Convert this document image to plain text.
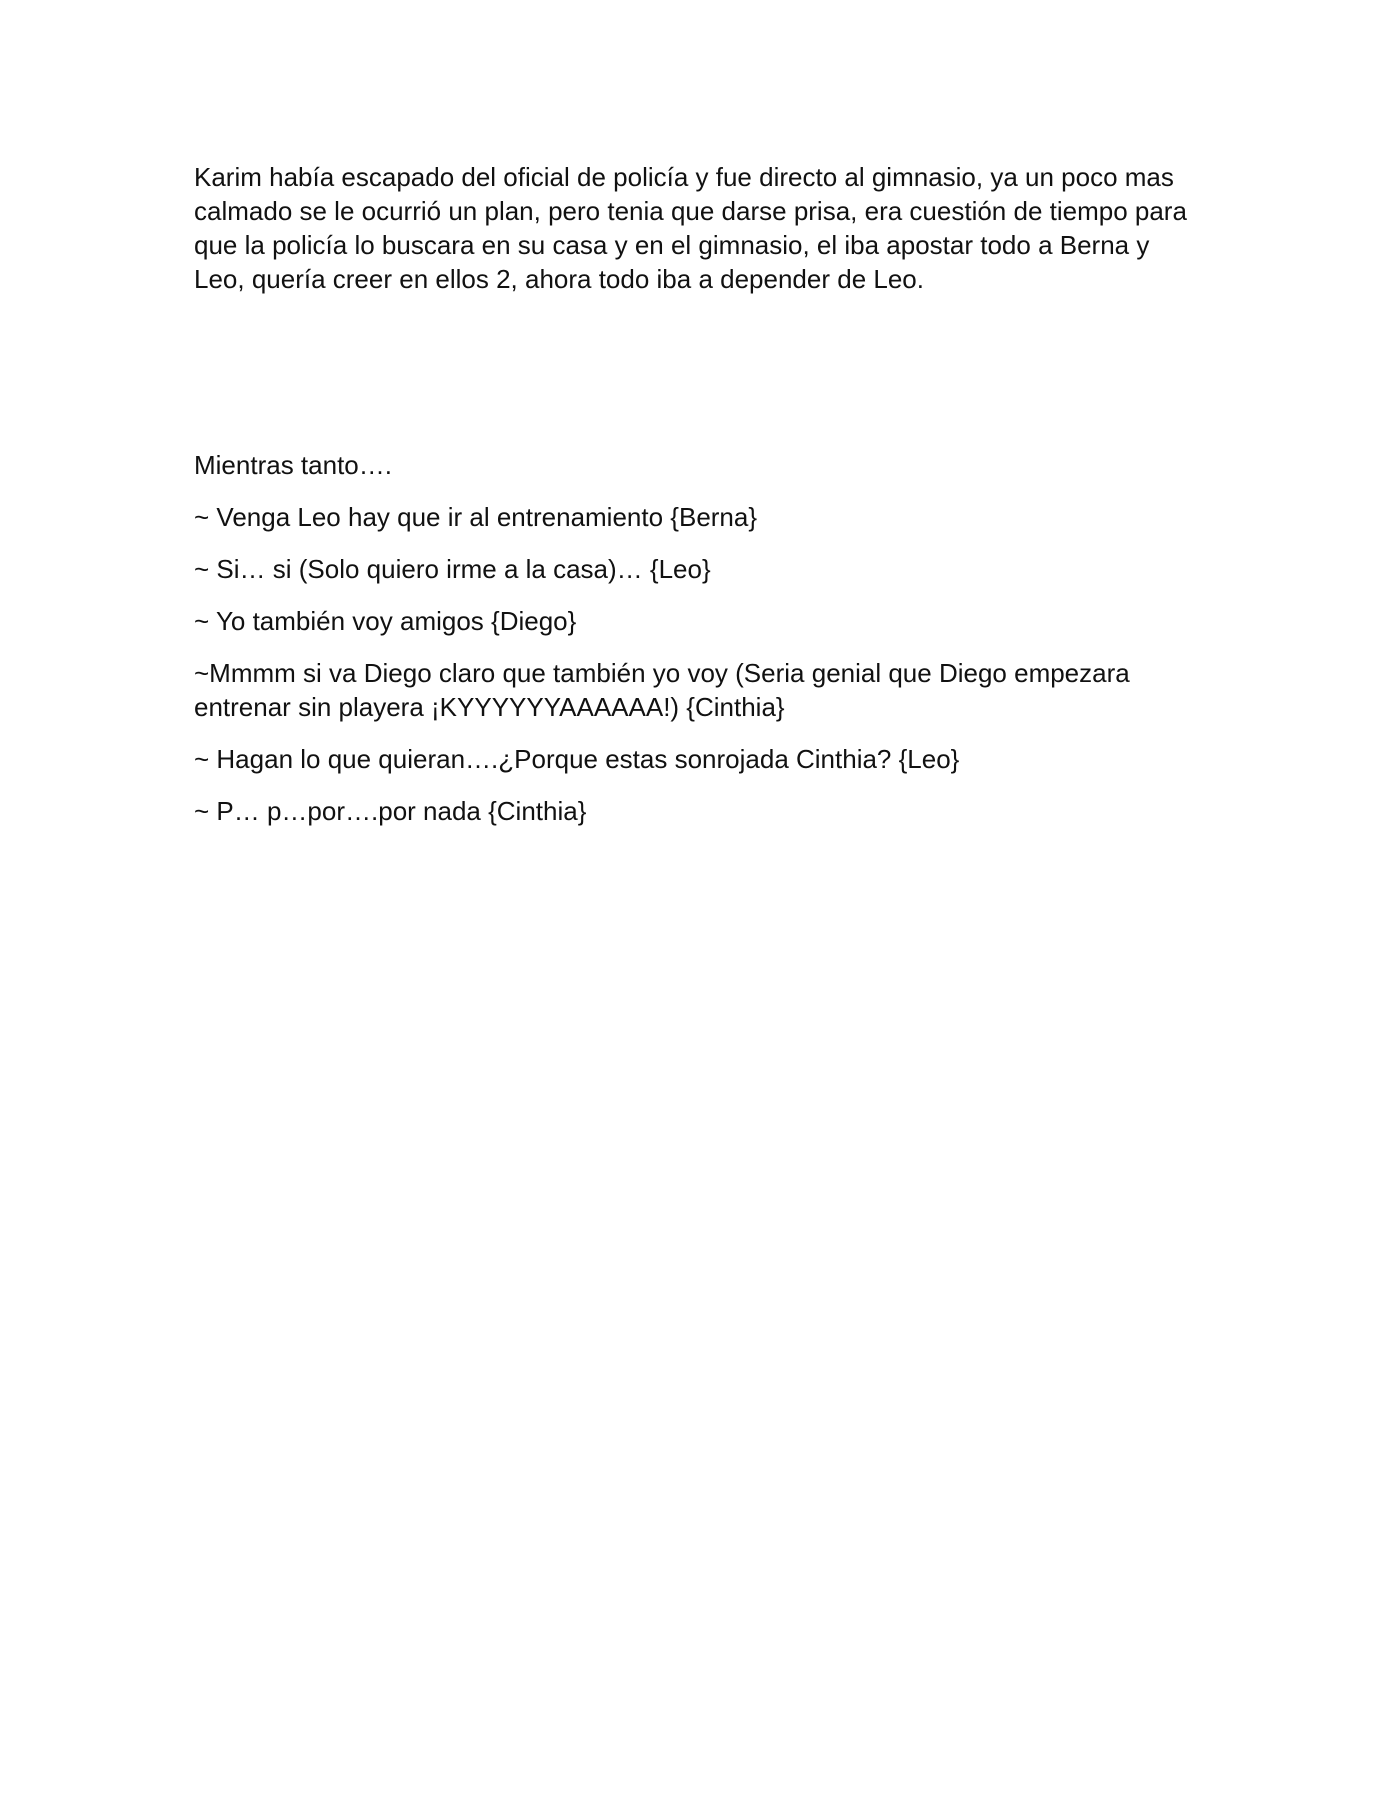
Karim había escapado del oficial de policía y fue directo al gimnasio, ya un poco mas calmado se le ocurrió un plan, pero tenia que darse prisa, era cuestión de tiempo para que la policía lo buscara en su casa y en el gimnasio, el iba apostar todo a Berna y Leo, quería creer en ellos 2, ahora todo iba a depender de Leo.

Mientras tanto….

~ Venga Leo hay que ir al entrenamiento {Berna}

~ Si… si (Solo quiero irme a la casa)… {Leo}

~ Yo también voy amigos {Diego}

~Mmmm si va Diego claro que también yo voy (Seria genial que Diego empezara entrenar sin playera ¡KYYYYYYAAAAAA!) {Cinthia}

~ Hagan lo que quieran….¿Porque estas sonrojada Cinthia? {Leo}

~ P… p…por….por nada {Cinthia}
